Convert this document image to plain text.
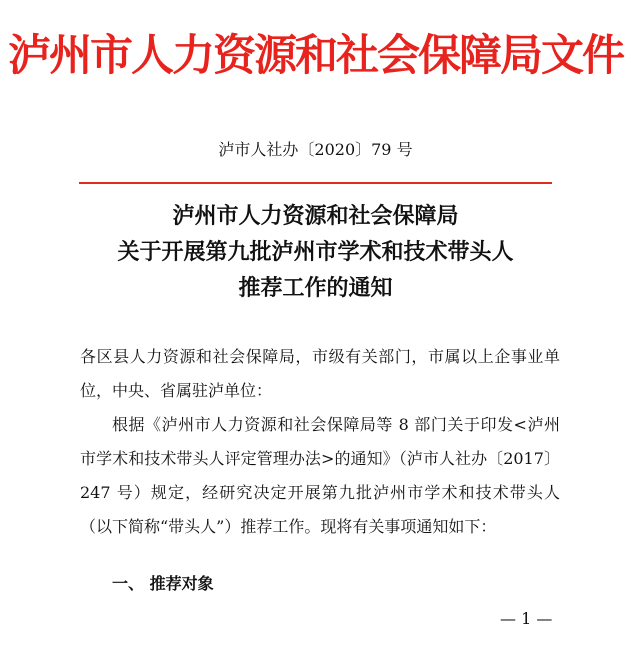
泸州市人力资源和社会保障局文件
泸市人社办〔2020〕79 号
泸州市人力资源和社会保障局
关于开展第九批泸州市学术和技术带头人
推荐工作的通知

各区县人力资源和社会保障局，市级有关部门，市属以上企事业单位，中央、省属驻泸单位：

根据《泸州市人力资源和社会保障局等 8 部门关于印发<泸州市学术和技术带头人评定管理办法>的通知》（泸市人社办〔2017〕247 号）规定，经研究决定开展第九批泸州市学术和技术带头人（以下简称“带头人”）推荐工作。现将有关事项通知如下：

一、 推荐对象
— 1 —
